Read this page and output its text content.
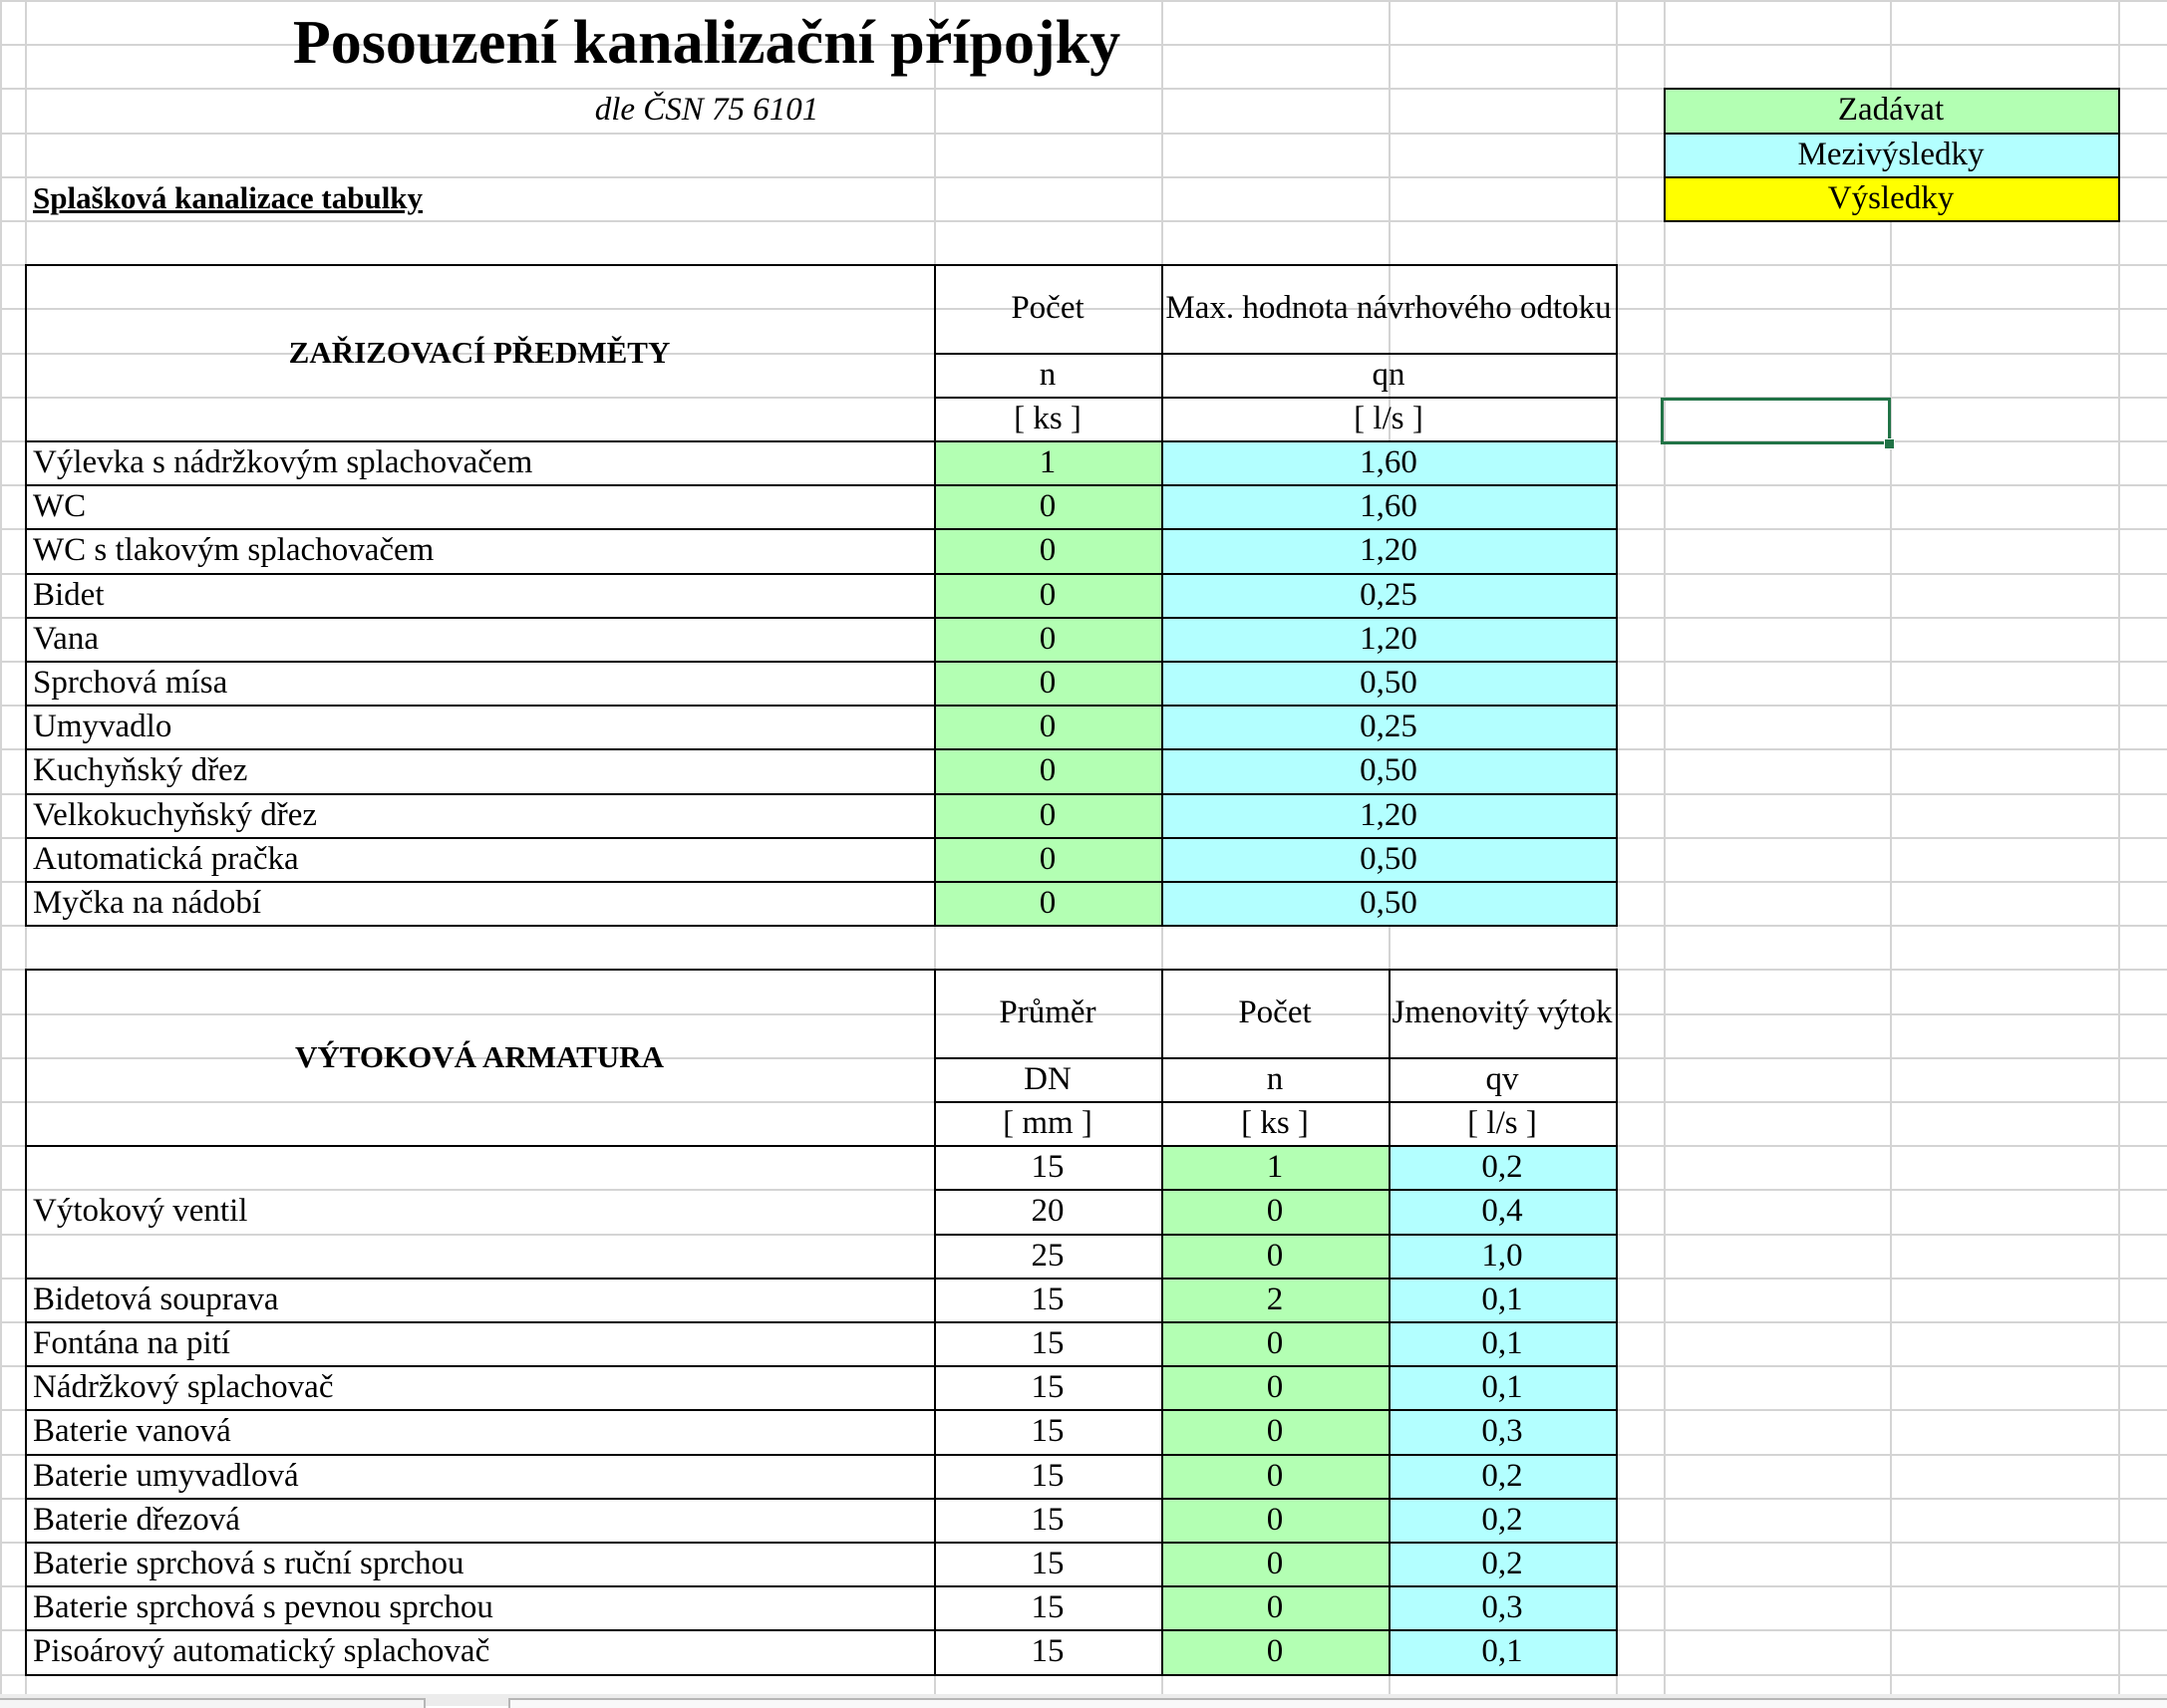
Posouzení kanalizační přípojky
dle ČSN 75 6101
Splašková kanalizace tabulky
Zadávat
Mezivýsledky
Výsledky
ZAŘIZOVACÍ PŘEDMĚTY
Počet	Max. hodnota návrhového odtoku
n	qn
[ ks ]	[ l/s ]
Výlevka s nádržkovým splachovačem	1	1,60
WC	0	1,60
WC s tlakovým splachovačem	0	1,20
Bidet	0	0,25
Vana	0	1,20
Sprchová mísa	0	0,50
Umyvadlo	0	0,25
Kuchyňský dřez	0	0,50
Velkokuchyňský dřez	0	1,20
Automatická pračka	0	0,50
Myčka na nádobí	0	0,50
VÝTOKOVÁ ARMATURA
Průměr	Počet	Jmenovitý výtok
DN	n	qv
[ mm ]	[ ks ]	[ l/s ]
Výtokový ventil
15	1	0,2
20	0	0,4
25	0	1,0
Bidetová souprava	15	2	0,1
Fontána na pití	15	0	0,1
Nádržkový splachovač	15	0	0,1
Baterie vanová	15	0	0,3
Baterie umyvadlová	15	0	0,2
Baterie dřezová	15	0	0,2
Baterie sprchová s ruční sprchou	15	0	0,2
Baterie sprchová s pevnou sprchou	15	0	0,3
Pisoárový automatický splachovač	15	0	0,1
